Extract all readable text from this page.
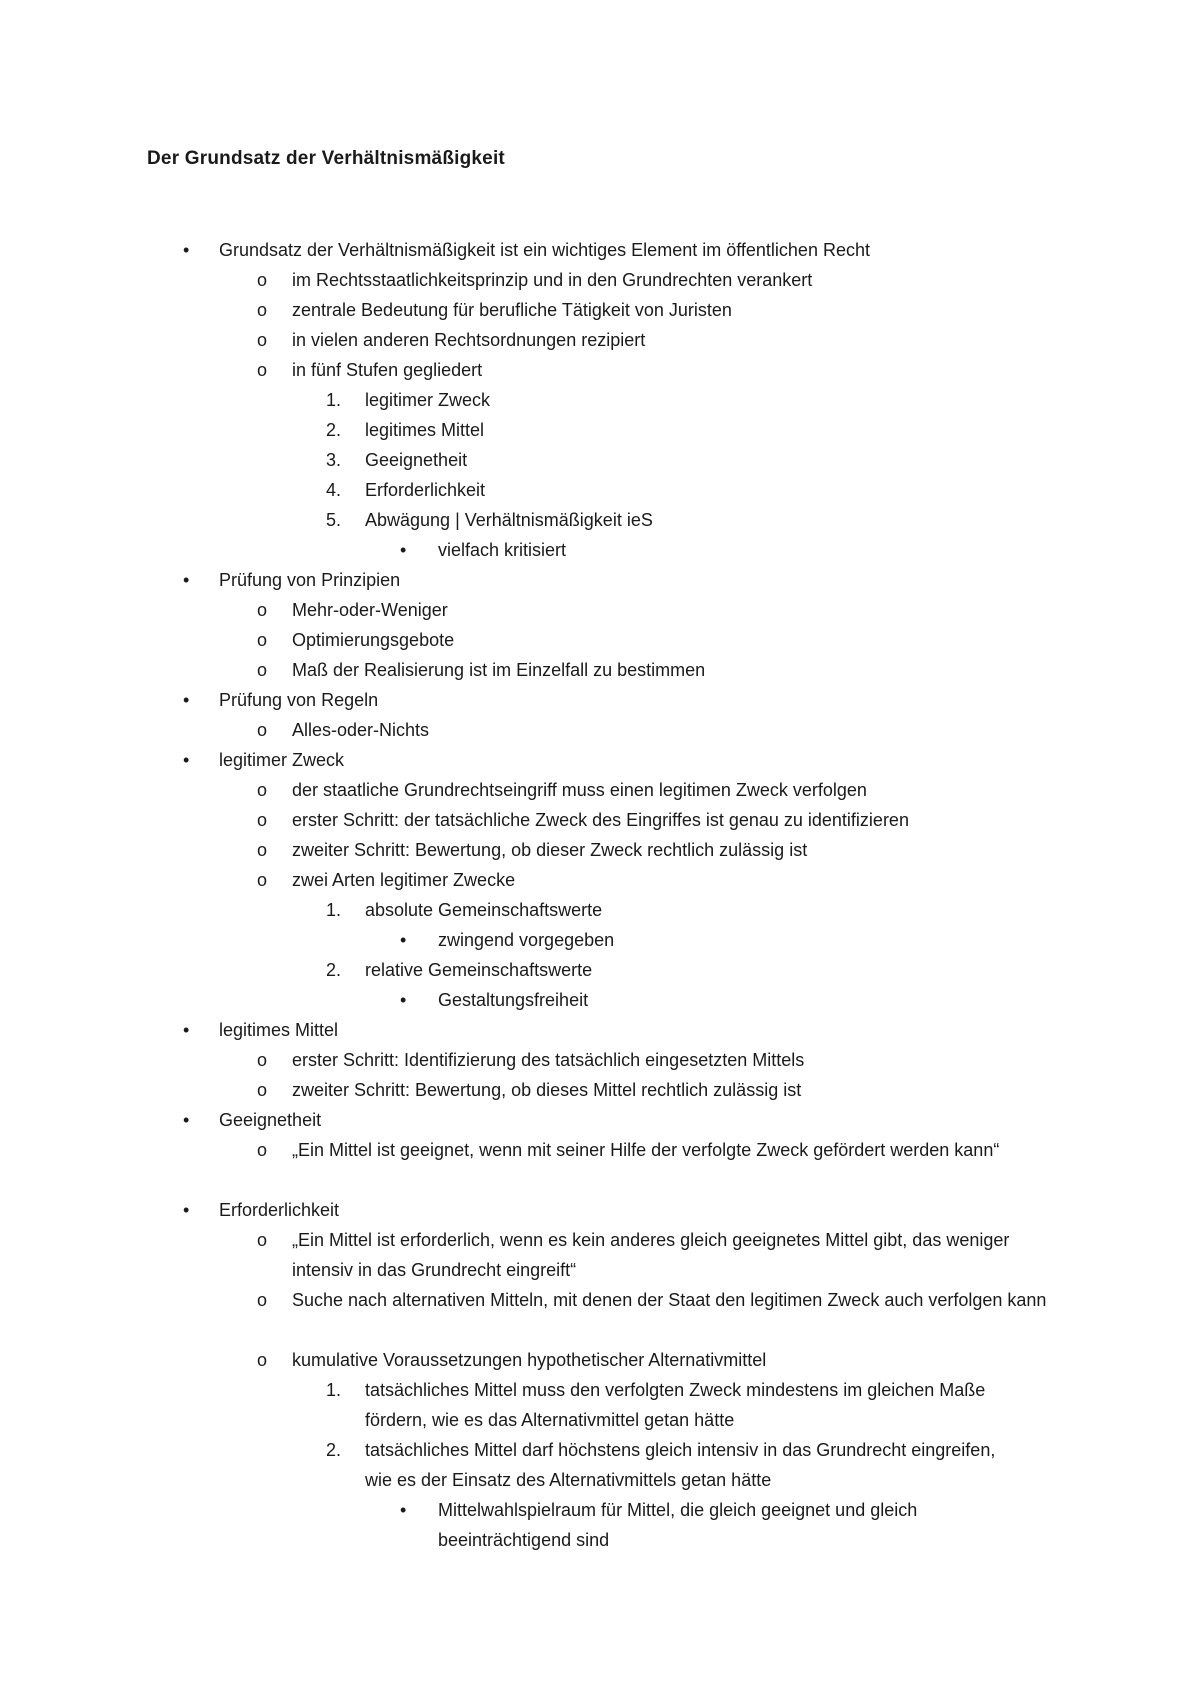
Der Grundsatz der Verhältnismäßigkeit
• Grundsatz der Verhältnismäßigkeit ist ein wichtiges Element im öffentlichen Recht
o im Rechtsstaatlichkeitsprinzip und in den Grundrechten verankert
o zentrale Bedeutung für berufliche Tätigkeit von Juristen
o in vielen anderen Rechtsordnungen rezipiert
o in fünf Stufen gegliedert
1. legitimer Zweck
2. legitimes Mittel
3. Geeignetheit
4. Erforderlichkeit
5. Abwägung | Verhältnismäßigkeit ieS
• vielfach kritisiert
• Prüfung von Prinzipien
o Mehr-oder-Weniger
o Optimierungsgebote
o Maß der Realisierung ist im Einzelfall zu bestimmen
• Prüfung von Regeln
o Alles-oder-Nichts
• legitimer Zweck
o der staatliche Grundrechtseingriff muss einen legitimen Zweck verfolgen
o erster Schritt: der tatsächliche Zweck des Eingriffes ist genau zu identifizieren
o zweiter Schritt: Bewertung, ob dieser Zweck rechtlich zulässig ist
o zwei Arten legitimer Zwecke
1. absolute Gemeinschaftswerte
• zwingend vorgegeben
2. relative Gemeinschaftswerte
• Gestaltungsfreiheit
• legitimes Mittel
o erster Schritt: Identifizierung des tatsächlich eingesetzten Mittels
o zweiter Schritt: Bewertung, ob dieses Mittel rechtlich zulässig ist
• Geeignetheit
o „Ein Mittel ist geeignet, wenn mit seiner Hilfe der verfolgte Zweck gefördert werden kann“
• Erforderlichkeit
o „Ein Mittel ist erforderlich, wenn es kein anderes gleich geeignetes Mittel gibt, das weniger intensiv in das Grundrecht eingreift“
o Suche nach alternativen Mitteln, mit denen der Staat den legitimen Zweck auch verfolgen kann
o kumulative Voraussetzungen hypothetischer Alternativmittel
1. tatsächliches Mittel muss den verfolgten Zweck mindestens im gleichen Maße fördern, wie es das Alternativmittel getan hätte
2. tatsächliches Mittel darf höchstens gleich intensiv in das Grundrecht eingreifen, wie es der Einsatz des Alternativmittels getan hätte
• Mittelwahlspielraum für Mittel, die gleich geeignet und gleich beeinträchtigend sind
